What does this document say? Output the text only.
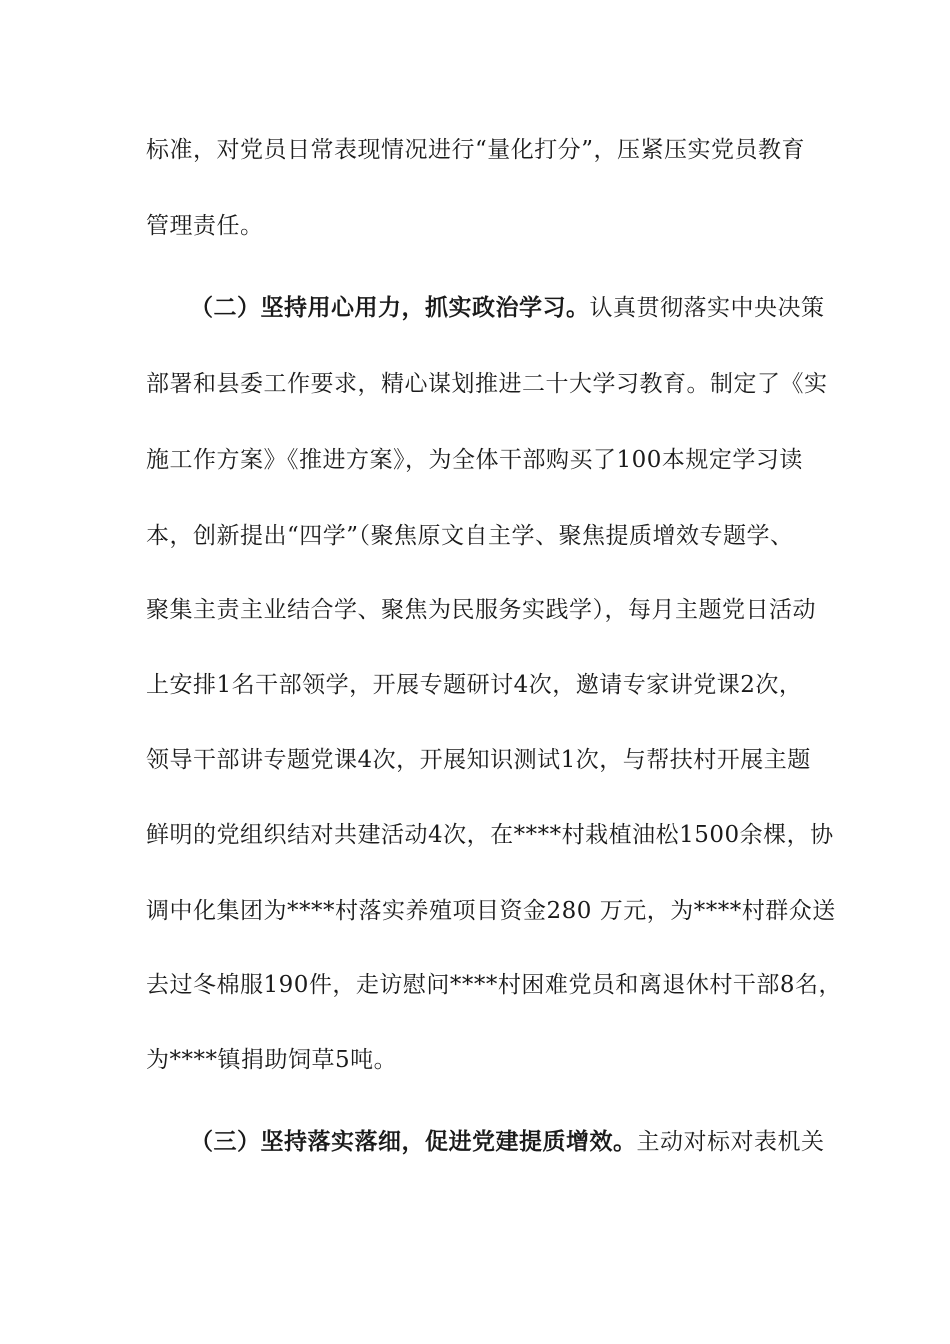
标准，对党员日常表现情况进行“量化打分”，压紧压实党员教育
管理责任。
（二）坚持用心用力，抓实政治学习。认真贯彻落实中央决策
部署和县委工作要求，精心谋划推进二十大学习教育。制定了《实
施工作方案》《推进方案》，为全体干部购买了100本规定学习读
本，创新提出“四学”（聚焦原文自主学、聚焦提质增效专题学、
聚集主责主业结合学、聚焦为民服务实践学），每月主题党日活动
上安排1名干部领学，开展专题研讨4次，邀请专家讲党课2次，
领导干部讲专题党课4次，开展知识测试1次，与帮扶村开展主题
鲜明的党组织结对共建活动4次，在****村栽植油松1500余棵，协
调中化集团为****村落实养殖项目资金280 万元，为****村群众送
去过冬棉服190件，走访慰问****村困难党员和离退休村干部8名，
为****镇捐助饲草5吨。
（三）坚持落实落细，促进党建提质增效。主动对标对表机关
